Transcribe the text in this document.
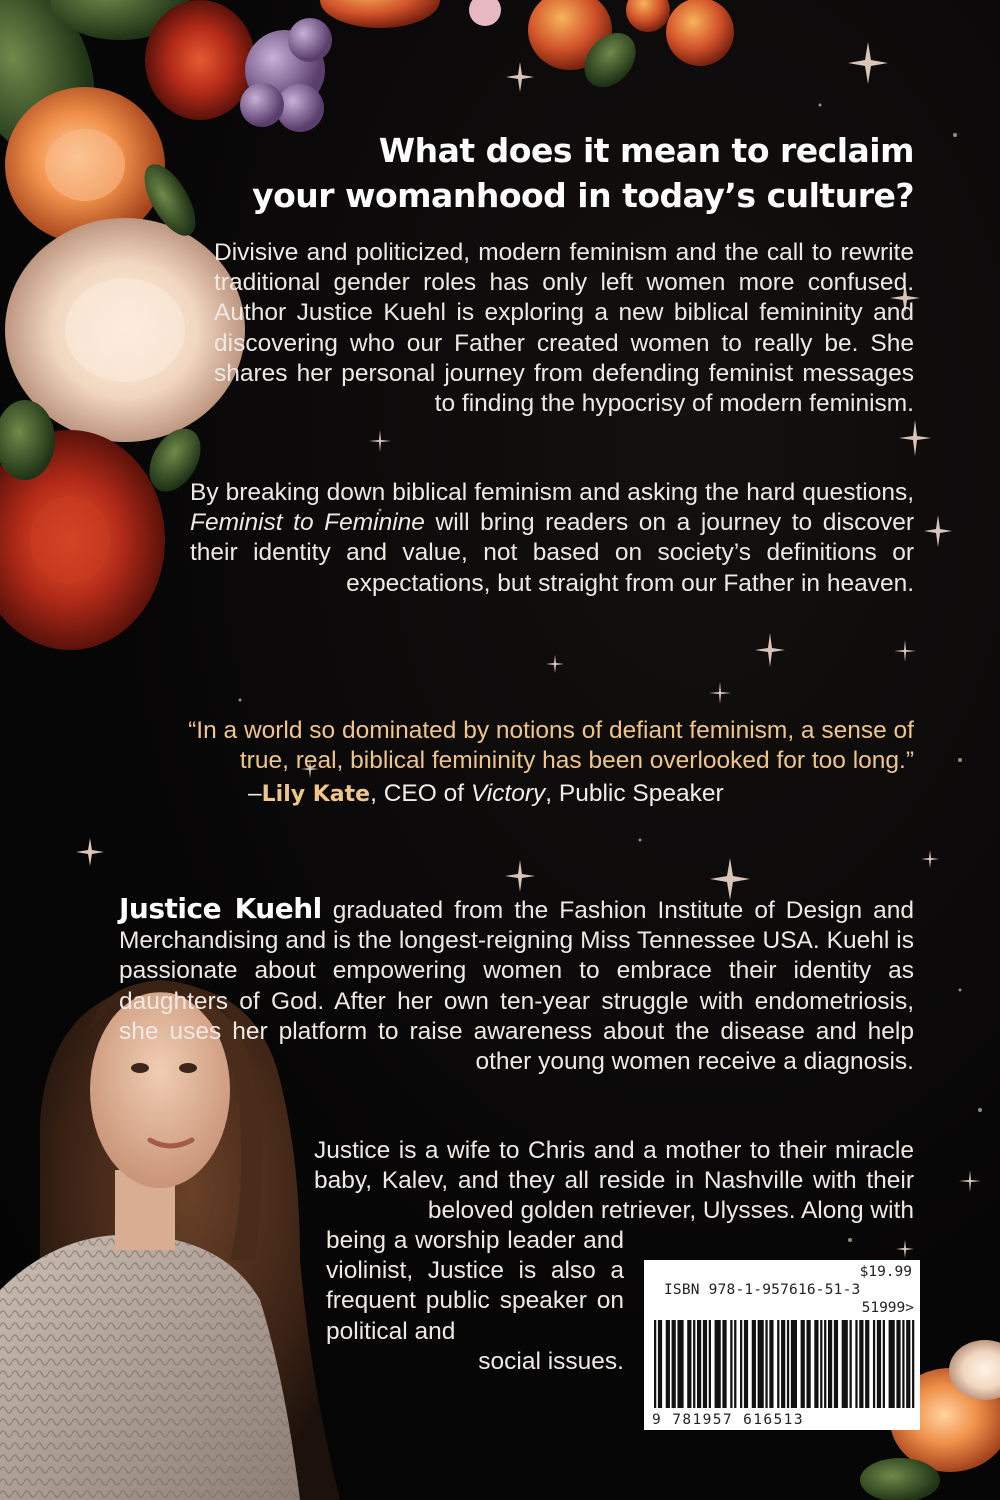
What does it mean to reclaim
your womanhood in today’s culture?

Divisive and politicized, modern feminism and the call to rewrite traditional gender roles has only left women more confused. Author Justice Kuehl is exploring a new biblical femininity and discovering who our Father created women to really be. She shares her personal journey from defending feminist messages to finding the hypocrisy of modern feminism.

By breaking down biblical feminism and asking the hard questions, Feminist to Feminine will bring readers on a journey to discover their identity and value, not based on society’s definitions or expectations, but straight from our Father in heaven.

“In a world so dominated by notions of defiant feminism, a sense of true, real, biblical femininity has been overlooked for too long.”

–Lily Kate, CEO of Victory, Public Speaker

Justice Kuehl graduated from the Fashion Institute of Design and Merchandising and is the longest-reigning Miss Tennessee USA. Kuehl is passionate about empowering women to embrace their identity as daughters of God. After her own ten-year struggle with endometriosis, she uses her platform to raise awareness about the disease and help other young women receive a diagnosis.

Justice is a wife to Chris and a mother to their miracle baby, Kalev, and they all reside in Nashville with their beloved golden retriever, Ulysses. Along with

being a worship leader and violinist, Justice is also a frequent public speaker on political and
social issues.

$19.99
ISBN 978-1-957616-51-3
51999>
9 781957 616513
